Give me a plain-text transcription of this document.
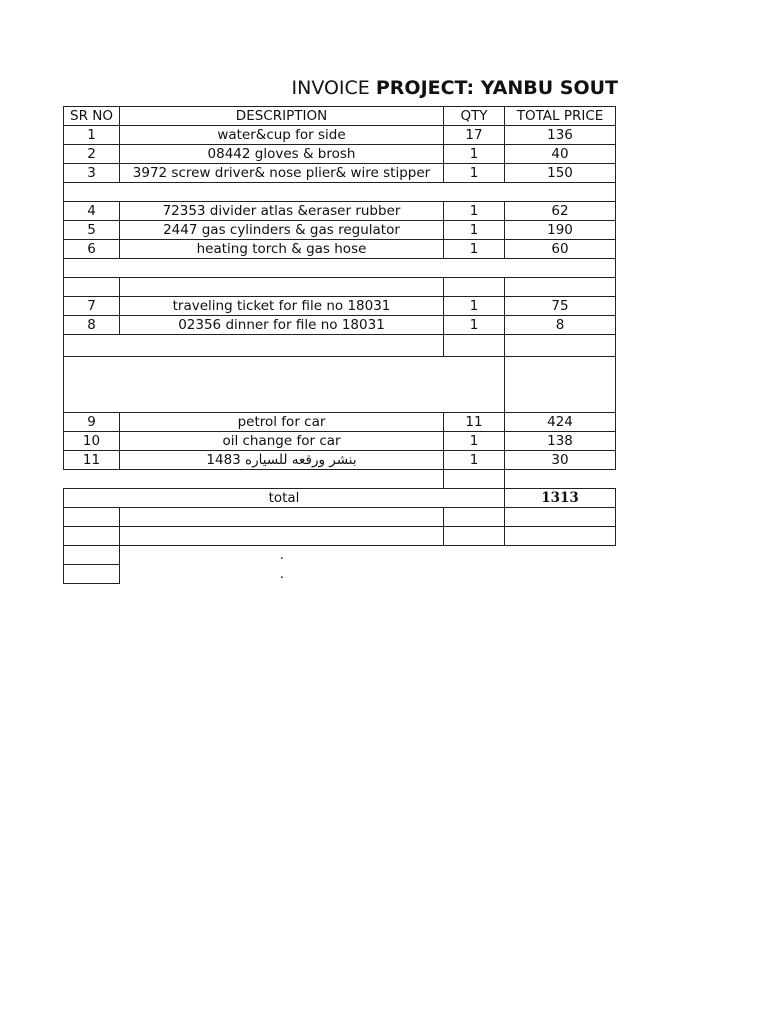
INVOICE PROJECT: YANBU SOUT
SR NO	DESCRIPTION	QTY	TOTAL PRICE
1	water&cup for side	17	136
2	08442 gloves & brosh	1	40
3	3972 screw driver& nose plier& wire stipper	1	150

4	72353 divider atlas &eraser rubber	1	62
5	2447 gas cylinders & gas regulator	1	190
6	heating torch & gas hose	1	60

7	traveling ticket for file no 18031	1	75
8	02356 dinner for file no 18031	1	8

9	petrol for car	11	424
10	oil change for car	1	138
11	1483 بنشر ورقعه للسياره	1	30

total			1313

	.		
	.		
